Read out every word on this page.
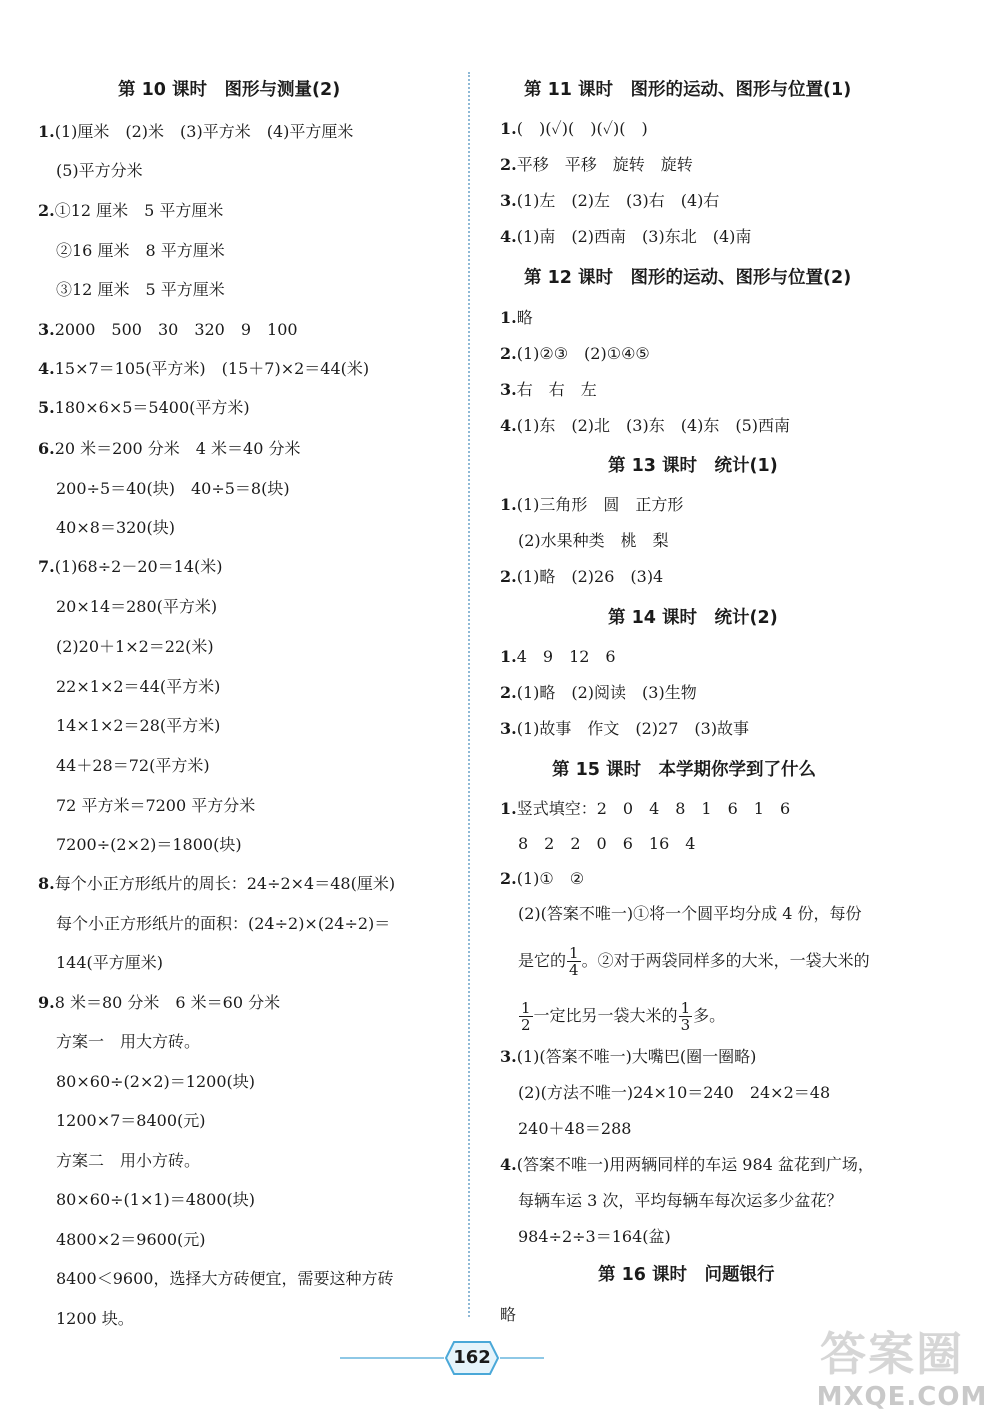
第 10 课时　图形与测量(2)
1.(1)厘米　(2)米　(3)平方米　(4)平方厘米
(5)平方分米
2.①12 厘米　5 平方厘米
②16 厘米　8 平方厘米
③12 厘米　5 平方厘米
3.2000　500　30　320　9　100
4.15×7＝105(平方米)　(15＋7)×2＝44(米)
5.180×6×5＝5400(平方米)
6.20 米＝200 分米　4 米＝40 分米
200÷5＝40(块)　40÷5＝8(块)
40×8＝320(块)
7.(1)68÷2－20＝14(米)
20×14＝280(平方米)
(2)20＋1×2＝22(米)
22×1×2＝44(平方米)
14×1×2＝28(平方米)
44＋28＝72(平方米)
72 平方米＝7200 平方分米
7200÷(2×2)＝1800(块)
8.每个小正方形纸片的周长：24÷2×4＝48(厘米)
每个小正方形纸片的面积：(24÷2)×(24÷2)＝
144(平方厘米)
9.8 米＝80 分米　6 米＝60 分米
方案一　用大方砖。
80×60÷(2×2)＝1200(块)
1200×7＝8400(元)
方案二　用小方砖。
80×60÷(1×1)＝4800(块)
4800×2＝9600(元)
8400＜9600，选择大方砖便宜，需要这种方砖
1200 块。
第 11 课时　图形的运动、图形与位置(1)
1.(　)(✓)(　)(✓)(　)
2.平移　平移　旋转　旋转
3.(1)左　(2)左　(3)右　(4)右
4.(1)南　(2)西南　(3)东北　(4)南
第 12 课时　图形的运动、图形与位置(2)
1.略
2.(1)②③　(2)①④⑤
3.右　右　左
4.(1)东　(2)北　(3)东　(4)东　(5)西南
第 13 课时　统计(1)
1.(1)三角形　圆　正方形
(2)水果种类　桃　梨
2.(1)略　(2)26　(3)4
第 14 课时　统计(2)
1.4　9　12　6
2.(1)略　(2)阅读　(3)生物
3.(1)故事　作文　(2)27　(3)故事
第 15 课时　本学期你学到了什么
1.竖式填空：2　0　4　8　1　6　1　6
8　2　2　0　6　16　4
2.(1)①　②
(2)(答案不唯一)①将一个圆平均分成 4 份，每份
是它的 $\frac{1}{4}$ 。②对于两袋同样多的大米，一袋大米的
$\frac{1}{2}$ 一定比另一袋大米的 $\frac{1}{3}$ 多。
3.(1)(答案不唯一)大嘴巴(圈一圈略)
(2)(方法不唯一)24×10＝240　24×2＝48
240＋48＝288
4.(答案不唯一)用两辆同样的车运 984 盆花到广场，
每辆车运 3 次，平均每辆车每次运多少盆花？
984÷2÷3＝164(盆)
第 16 课时　问题银行
略
162	答案圈
MXQE.COM
